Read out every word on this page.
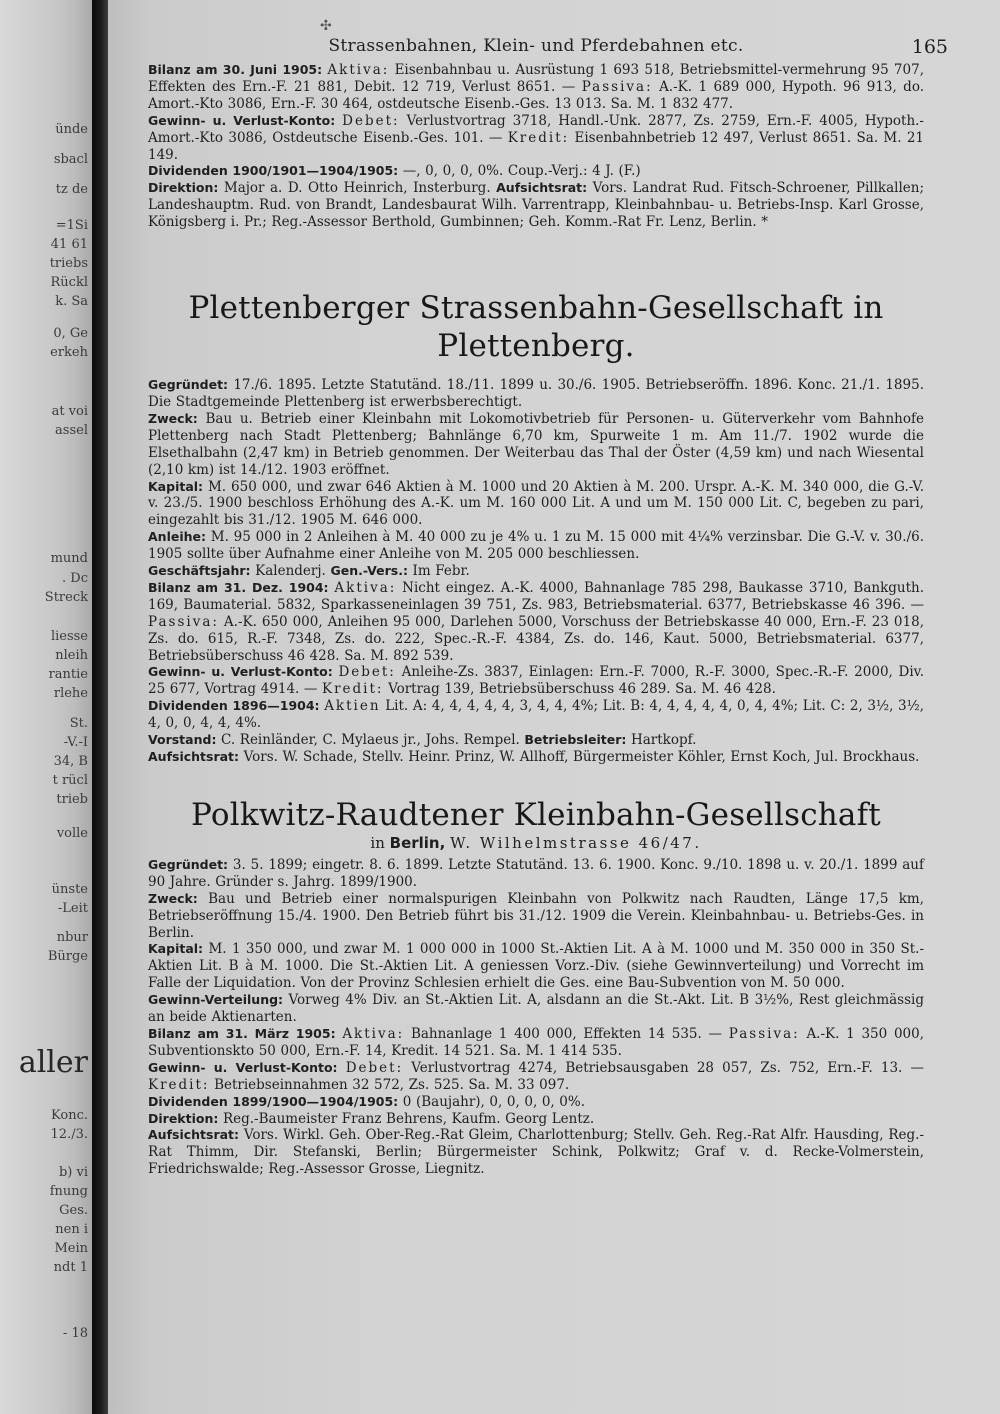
ünde
sbacl
tz de
=1Si
41 61
triebs
Rückl
k. Sa
0, Ge
erkeh
at voi
assel
mund
. Dc
Streck
liesse
nleih
rantie
rlehe
St.
-V.-I
34, B
t rücl
trieb
volle
ünste
-Leit
nbur
Bürge
aller
Konc.
12./3.
b) vi
fnung
Ges.
nen i
Mein
ndt 1
- 18
✣
Strassenbahnen, Klein- und Pferdebahnen etc.	165

Bilanz am 30. Juni 1905: Aktiva: Eisenbahnbau u. Ausrüstung 1 693 518, Betriebsmittel-vermehrung 95 707, Effekten des Ern.-F. 21 881, Debit. 12 719, Verlust 8651. — Passiva: A.-K. 1 689 000, Hypoth. 96 913, do. Amort.-Kto 3086, Ern.-F. 30 464, ostdeutsche Eisenb.-Ges. 13 013. Sa. M. 1 832 477.

Gewinn- u. Verlust-Konto: Debet: Verlustvortrag 3718, Handl.-Unk. 2877, Zs. 2759, Ern.-F. 4005, Hypoth.-Amort.-Kto 3086, Ostdeutsche Eisenb.-Ges. 101. — Kredit: Eisenbahnbetrieb 12 497, Verlust 8651. Sa. M. 21 149.

Dividenden 1900/1901—1904/1905: —, 0, 0, 0, 0%. Coup.-Verj.: 4 J. (F.)

Direktion: Major a. D. Otto Heinrich, Insterburg. Aufsichtsrat: Vors. Landrat Rud. Fitsch-Schroener, Pillkallen; Landeshauptm. Rud. von Brandt, Landesbaurat Wilh. Varrentrapp, Kleinbahnbau- u. Betriebs-Insp. Karl Grosse, Königsberg i. Pr.; Reg.-Assessor Berthold, Gumbinnen; Geh. Komm.-Rat Fr. Lenz, Berlin. *

Plettenberger Strassenbahn-Gesellschaft in Plettenberg.

Gegründet: 17./6. 1895. Letzte Statutänd. 18./11. 1899 u. 30./6. 1905. Betriebseröffn. 1896. Konc. 21./1. 1895. Die Stadtgemeinde Plettenberg ist erwerbsberechtigt.

Zweck: Bau u. Betrieb einer Kleinbahn mit Lokomotivbetrieb für Personen- u. Güterverkehr vom Bahnhofe Plettenberg nach Stadt Plettenberg; Bahnlänge 6,70 km, Spurweite 1 m. Am 11./7. 1902 wurde die Elsethalbahn (2,47 km) in Betrieb genommen. Der Weiterbau das Thal der Öster (4,59 km) und nach Wiesental (2,10 km) ist 14./12. 1903 eröffnet.

Kapital: M. 650 000, und zwar 646 Aktien à M. 1000 und 20 Aktien à M. 200. Urspr. A.-K. M. 340 000, die G.-V. v. 23./5. 1900 beschloss Erhöhung des A.-K. um M. 160 000 Lit. A und um M. 150 000 Lit. C, begeben zu pari, eingezahlt bis 31./12. 1905 M. 646 000.

Anleihe: M. 95 000 in 2 Anleihen à M. 40 000 zu je 4% u. 1 zu M. 15 000 mit 4¼% verzinsbar. Die G.-V. v. 30./6. 1905 sollte über Aufnahme einer Anleihe von M. 205 000 beschliessen.

Geschäftsjahr: Kalenderj. Gen.-Vers.: Im Febr.

Bilanz am 31. Dez. 1904: Aktiva: Nicht eingez. A.-K. 4000, Bahnanlage 785 298, Baukasse 3710, Bankguth. 169, Baumaterial. 5832, Sparkasseneinlagen 39 751, Zs. 983, Betriebsmaterial. 6377, Betriebskasse 46 396. — Passiva: A.-K. 650 000, Anleihen 95 000, Darlehen 5000, Vorschuss der Betriebskasse 40 000, Ern.-F. 23 018, Zs. do. 615, R.-F. 7348, Zs. do. 222, Spec.-R.-F. 4384, Zs. do. 146, Kaut. 5000, Betriebsmaterial. 6377, Betriebsüberschuss 46 428. Sa. M. 892 539.

Gewinn- u. Verlust-Konto: Debet: Anleihe-Zs. 3837, Einlagen: Ern.-F. 7000, R.-F. 3000, Spec.-R.-F. 2000, Div. 25 677, Vortrag 4914. — Kredit: Vortrag 139, Betriebsüberschuss 46 289. Sa. M. 46 428.

Dividenden 1896—1904: Aktien Lit. A: 4, 4, 4, 4, 4, 3, 4, 4, 4%; Lit. B: 4, 4, 4, 4, 4, 0, 4, 4%; Lit. C: 2, 3½, 3½, 4, 0, 0, 4, 4, 4%.

Vorstand: C. Reinländer, C. Mylaeus jr., Johs. Rempel. Betriebsleiter: Hartkopf.

Aufsichtsrat: Vors. W. Schade, Stellv. Heinr. Prinz, W. Allhoff, Bürgermeister Köhler, Ernst Koch, Jul. Brockhaus.

Polkwitz-Raudtener Kleinbahn-Gesellschaft
in Berlin, W. Wilhelmstrasse 46/47.

Gegründet: 3. 5. 1899; eingetr. 8. 6. 1899. Letzte Statutänd. 13. 6. 1900. Konc. 9./10. 1898 u. v. 20./1. 1899 auf 90 Jahre. Gründer s. Jahrg. 1899/1900.

Zweck: Bau und Betrieb einer normalspurigen Kleinbahn von Polkwitz nach Raudten, Länge 17,5 km, Betriebseröffnung 15./4. 1900. Den Betrieb führt bis 31./12. 1909 die Verein. Kleinbahnbau- u. Betriebs-Ges. in Berlin.

Kapital: M. 1 350 000, und zwar M. 1 000 000 in 1000 St.-Aktien Lit. A à M. 1000 und M. 350 000 in 350 St.-Aktien Lit. B à M. 1000. Die St.-Aktien Lit. A geniessen Vorz.-Div. (siehe Gewinnverteilung) und Vorrecht im Falle der Liquidation. Von der Provinz Schlesien erhielt die Ges. eine Bau-Subvention von M. 50 000.

Gewinn-Verteilung: Vorweg 4% Div. an St.-Aktien Lit. A, alsdann an die St.-Akt. Lit. B 3½%, Rest gleichmässig an beide Aktienarten.

Bilanz am 31. März 1905: Aktiva: Bahnanlage 1 400 000, Effekten 14 535. — Passiva: A.-K. 1 350 000, Subventionskto 50 000, Ern.-F. 14, Kredit. 14 521. Sa. M. 1 414 535.

Gewinn- u. Verlust-Konto: Debet: Verlustvortrag 4274, Betriebsausgaben 28 057, Zs. 752, Ern.-F. 13. — Kredit: Betriebseinnahmen 32 572, Zs. 525. Sa. M. 33 097.

Dividenden 1899/1900—1904/1905: 0 (Baujahr), 0, 0, 0, 0, 0%.

Direktion: Reg.-Baumeister Franz Behrens, Kaufm. Georg Lentz.

Aufsichtsrat: Vors. Wirkl. Geh. Ober-Reg.-Rat Gleim, Charlottenburg; Stellv. Geh. Reg.-Rat Alfr. Hausding, Reg.-Rat Thimm, Dir. Stefanski, Berlin; Bürgermeister Schink, Polkwitz; Graf v. d. Recke-Volmerstein, Friedrichswalde; Reg.-Assessor Grosse, Liegnitz.
